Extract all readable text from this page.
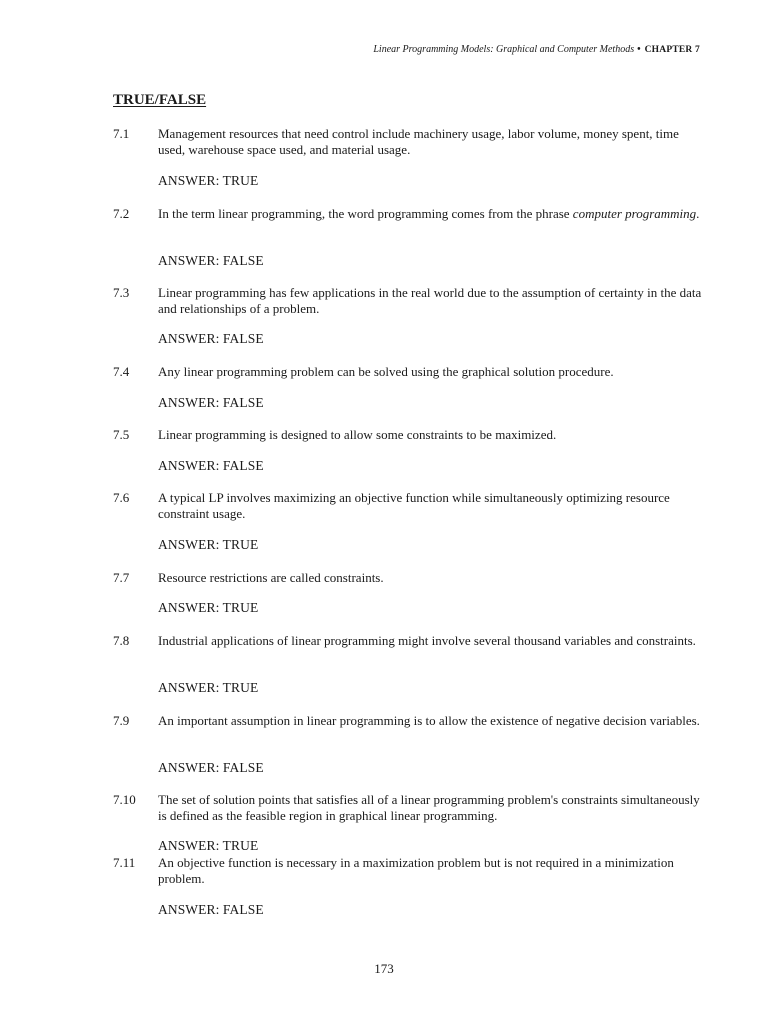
Linear Programming Models: Graphical and Computer Methods • CHAPTER 7
TRUE/FALSE
7.1 Management resources that need control include machinery usage, labor volume, money spent, time used, warehouse space used, and material usage.
ANSWER: TRUE
7.2 In the term linear programming, the word programming comes from the phrase computer programming.
ANSWER: FALSE
7.3 Linear programming has few applications in the real world due to the assumption of certainty in the data and relationships of a problem.
ANSWER: FALSE
7.4 Any linear programming problem can be solved using the graphical solution procedure.
ANSWER: FALSE
7.5 Linear programming is designed to allow some constraints to be maximized.
ANSWER: FALSE
7.6 A typical LP involves maximizing an objective function while simultaneously optimizing resource constraint usage.
ANSWER: TRUE
7.7 Resource restrictions are called constraints.
ANSWER: TRUE
7.8 Industrial applications of linear programming might involve several thousand variables and constraints.
ANSWER: TRUE
7.9 An important assumption in linear programming is to allow the existence of negative decision variables.
ANSWER: FALSE
7.10 The set of solution points that satisfies all of a linear programming problem's constraints simultaneously is defined as the feasible region in graphical linear programming.
ANSWER: TRUE
7.11 An objective function is necessary in a maximization problem but is not required in a minimization problem.
ANSWER: FALSE
173
